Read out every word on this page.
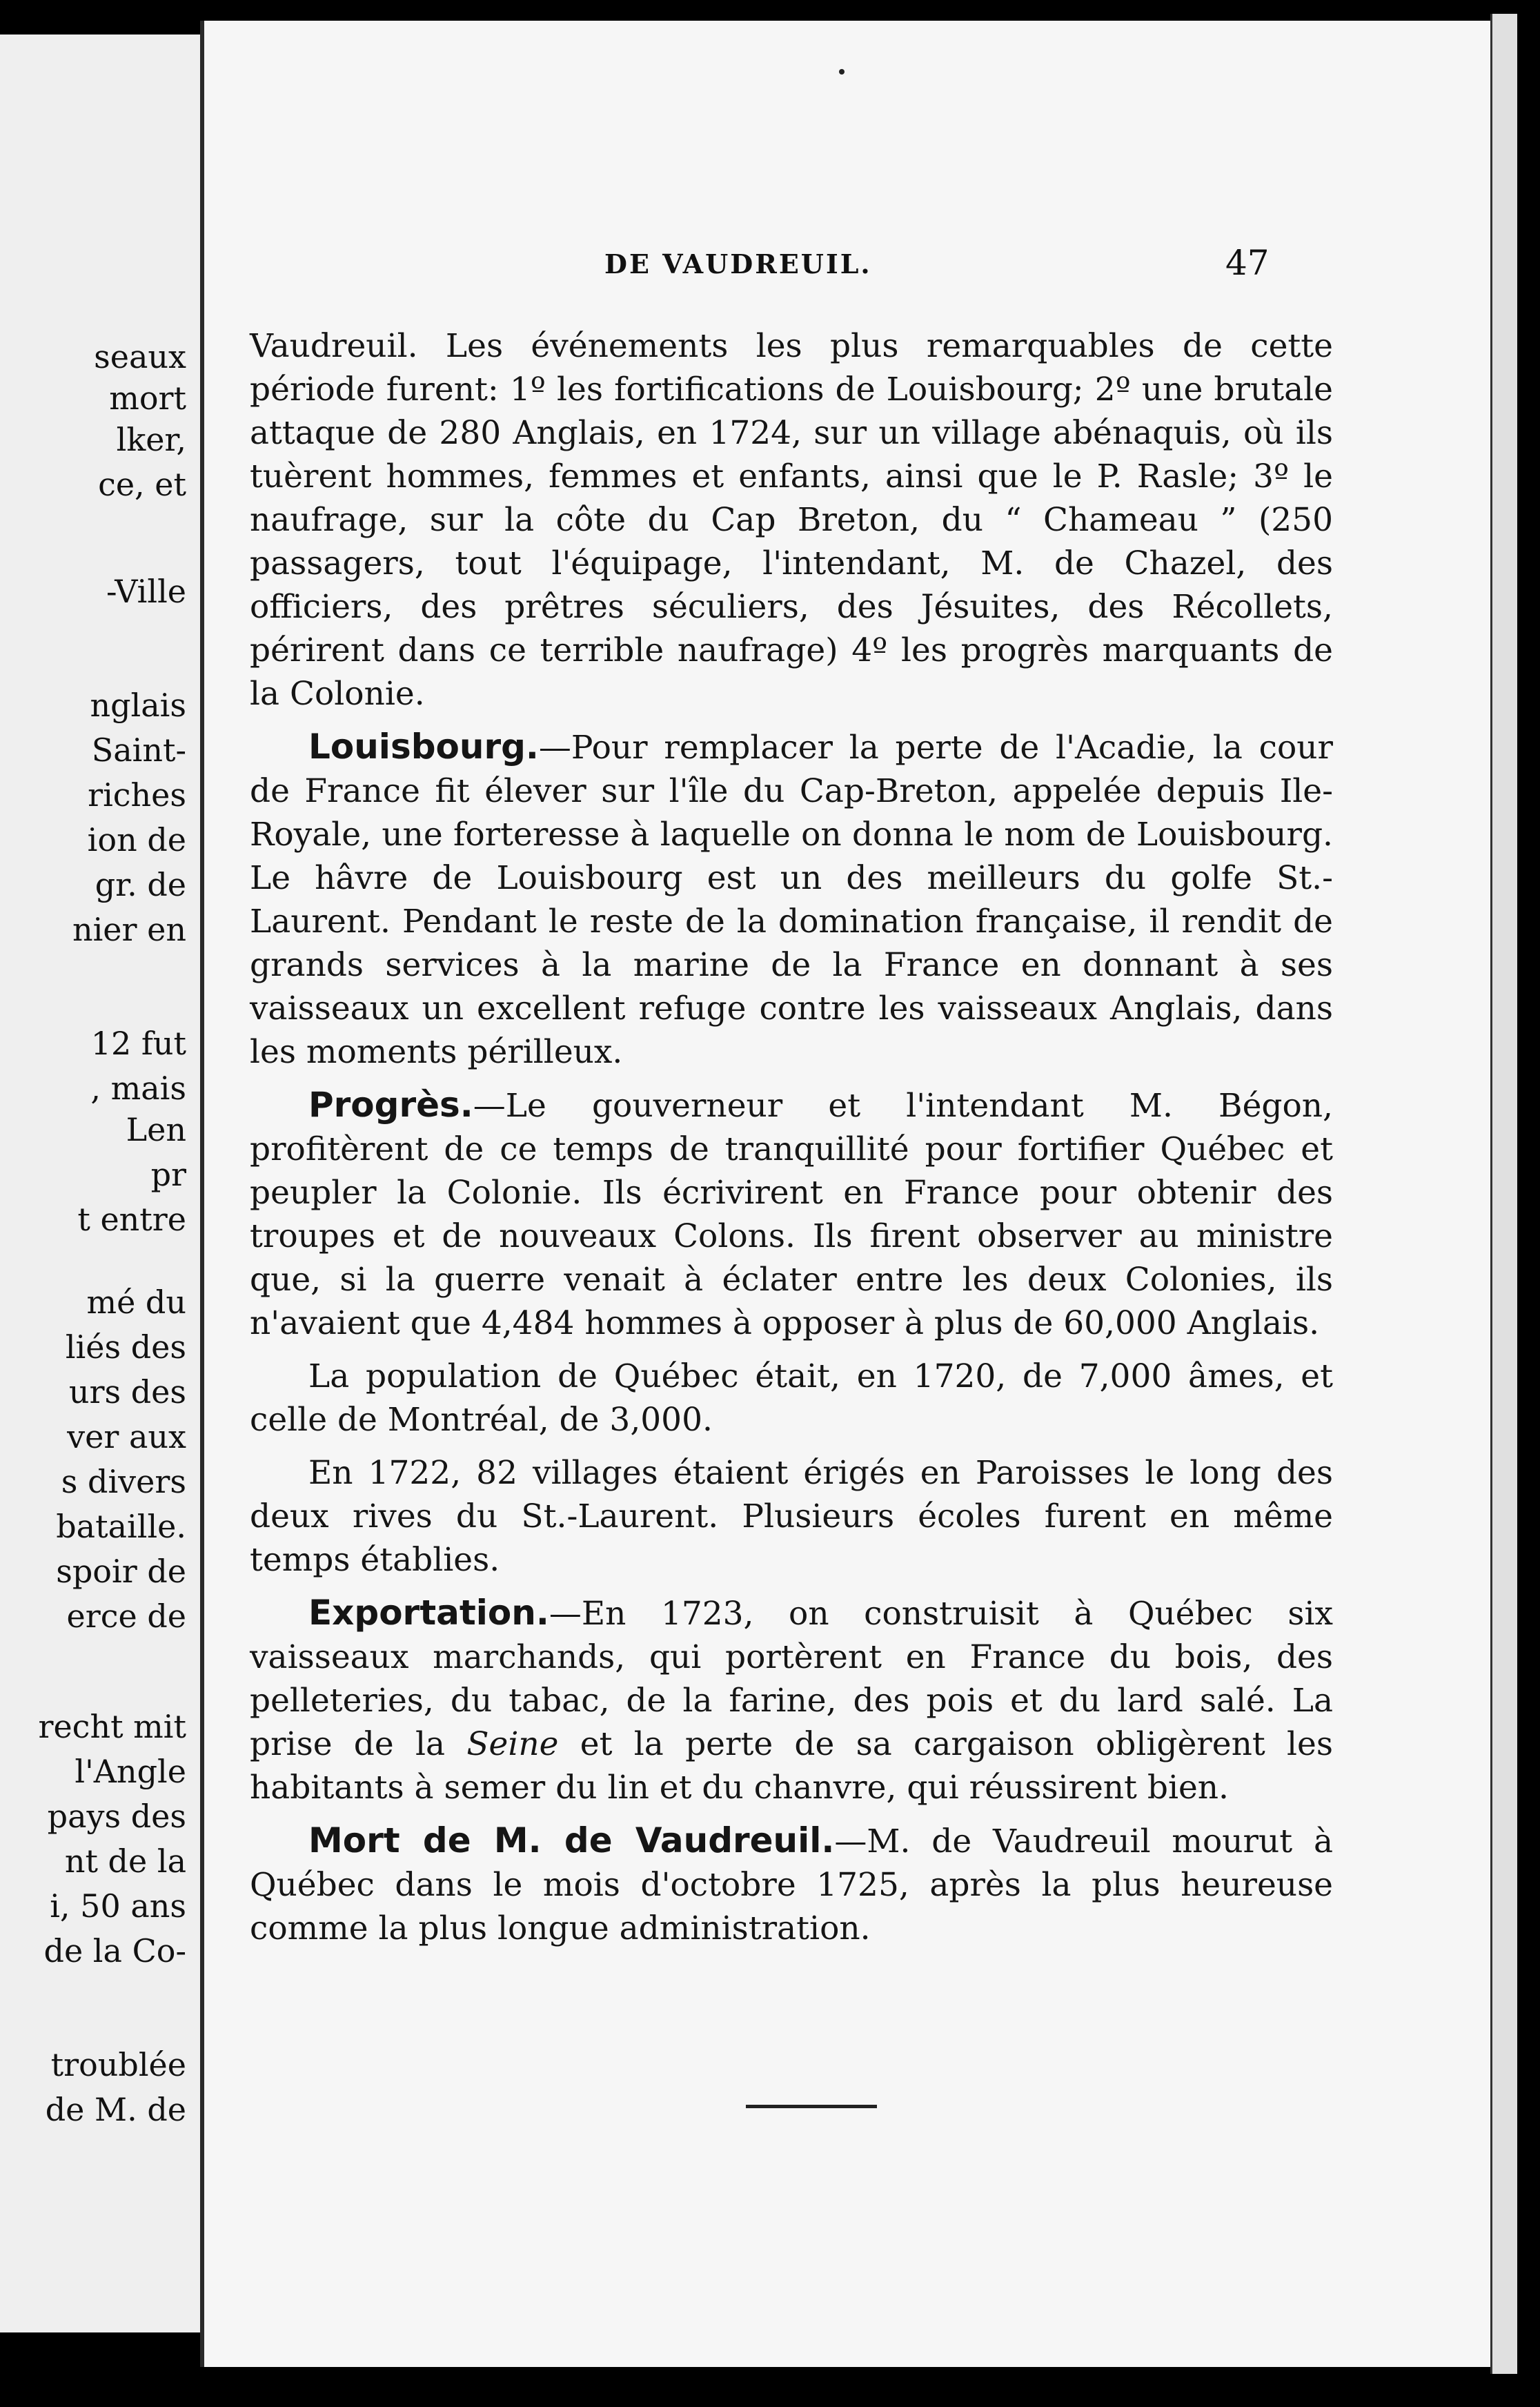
seaux
mort
lker,
ce, et
-Ville
nglais
Saint-
riches
ion de
gr. de
nier en
12 fut
, mais
Len
pr
t entre
mé du
liés des
urs des
ver aux
s divers
bataille.
spoir de
erce de
recht mit
l'Angle
pays des
nt de la
i, 50 ans
de la Co-
troublée
de M. de
DE VAUDREUIL.	47

Vaudreuil. Les événements les plus remarquables de cette période furent: 1º les fortifications de Louisbourg; 2º une brutale attaque de 280 Anglais, en 1724, sur un village abénaquis, où ils tuèrent hommes, femmes et enfants, ainsi que le P. Rasle; 3º le naufrage, sur la côte du Cap Breton, du “ Chameau ” (250 passagers, tout l'équipage, l'intendant, M. de Chazel, des officiers, des prêtres séculiers, des Jésuites, des Récollets, périrent dans ce terrible naufrage) 4º les progrès marquants de la Colonie.

Louisbourg.—Pour remplacer la perte de l'Acadie, la cour de France fit élever sur l'île du Cap-Breton, appelée depuis Ile-Royale, une forteresse à laquelle on donna le nom de Louisbourg. Le hâvre de Louisbourg est un des meilleurs du golfe St.-Laurent. Pendant le reste de la domination française, il rendit de grands services à la marine de la France en donnant à ses vaisseaux un excellent refuge contre les vaisseaux Anglais, dans les moments périlleux.

Progrès.—Le gouverneur et l'intendant M. Bégon, profitèrent de ce temps de tranquillité pour fortifier Québec et peupler la Colonie. Ils écrivirent en France pour obtenir des troupes et de nouveaux Colons. Ils firent observer au ministre que, si la guerre venait à éclater entre les deux Colonies, ils n'avaient que 4,484 hommes à opposer à plus de 60,000 Anglais.

La population de Québec était, en 1720, de 7,000 âmes, et celle de Montréal, de 3,000.

En 1722, 82 villages étaient érigés en Paroisses le long des deux rives du St.-Laurent. Plusieurs écoles furent en même temps établies.

Exportation.—En 1723, on construisit à Québec six vaisseaux marchands, qui portèrent en France du bois, des pelleteries, du tabac, de la farine, des pois et du lard salé. La prise de la Seine et la perte de sa cargaison obligèrent les habitants à semer du lin et du chanvre, qui réussirent bien.

Mort de M. de Vaudreuil.—M. de Vaudreuil mourut à Québec dans le mois d'octobre 1725, après la plus heureuse comme la plus longue administration.
